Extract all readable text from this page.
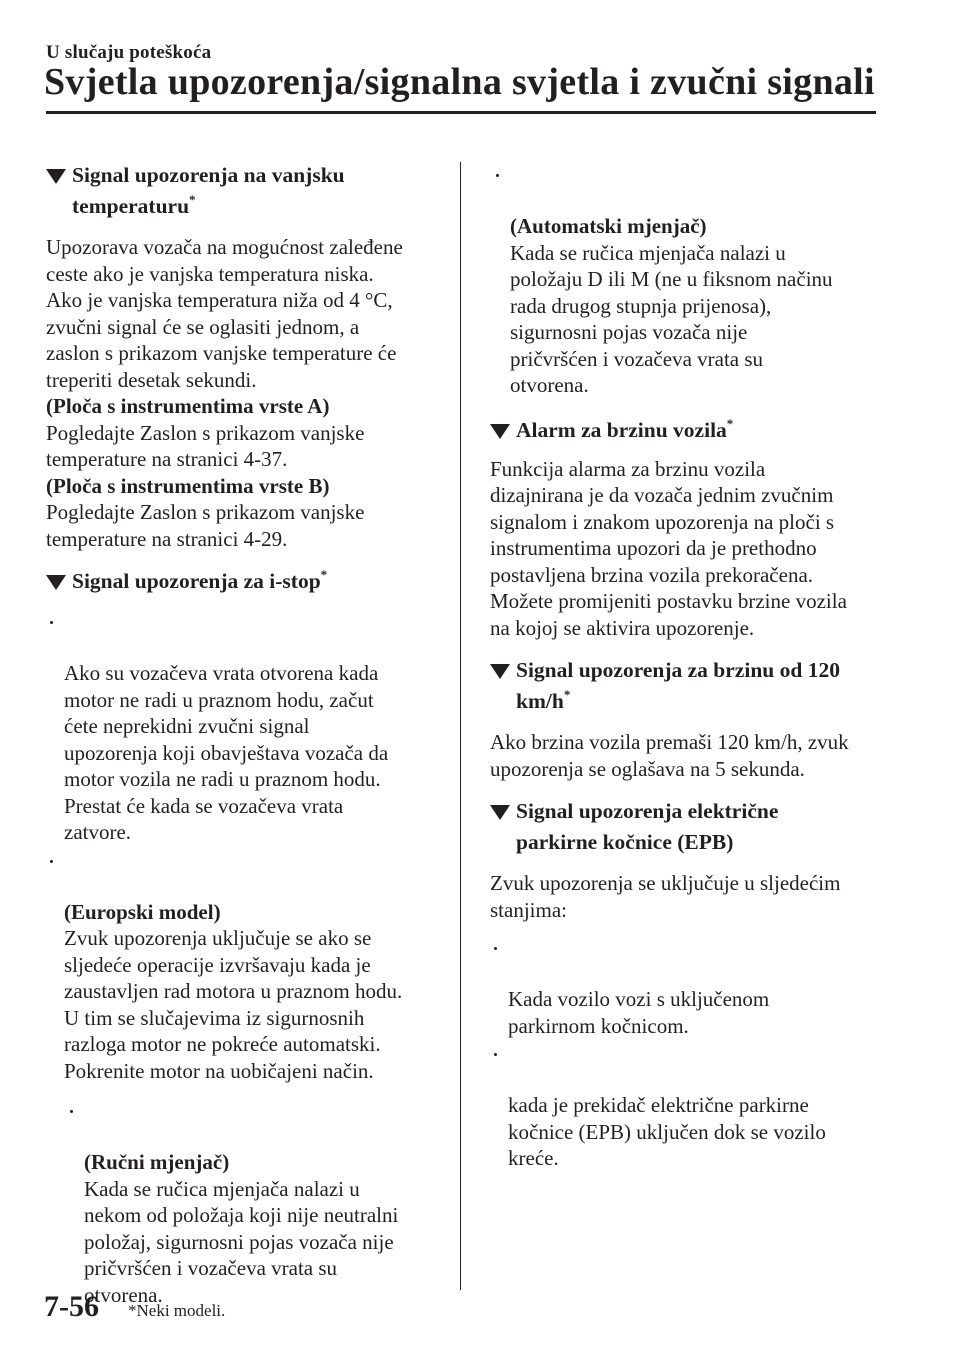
U slučaju poteškoća
Svjetla upozorenja/signalna svjetla i zvučni signali
Signal upozorenja na vanjsku
temperaturu*

Upozorava vozača na mogućnost zaleđene
ceste ako je vanjska temperatura niska.
Ako je vanjska temperatura niža od 4 °C,
zvučni signal će se oglasiti jednom, a
zaslon s prikazom vanjske temperature će
treperiti desetak sekundi.

(Ploča s instrumentima vrste A)
Pogledajte Zaslon s prikazom vanjske
temperature na stranici 4-37.

(Ploča s instrumentima vrste B)
Pogledajte Zaslon s prikazom vanjske
temperature na stranici 4-29.

Signal upozorenja za i-stop*

Ako su vozačeva vrata otvorena kada
motor ne radi u praznom hodu, začut
ćete neprekidni zvučni signal
upozorenja koji obavještava vozača da
motor vozila ne radi u praznom hodu.
Prestat će kada se vozačeva vrata
zatvore.

(Europski model)
Zvuk upozorenja uključuje se ako se
sljedeće operacije izvršavaju kada je
zaustavljen rad motora u praznom hodu.
U tim se slučajevima iz sigurnosnih
razloga motor ne pokreće automatski.
Pokrenite motor na uobičajeni način.

(Ručni mjenjač)
Kada se ručica mjenjača nalazi u
nekom od položaja koji nije neutralni
položaj, sigurnosni pojas vozača nije
pričvršćen i vozačeva vrata su
otvorena.

(Automatski mjenjač)
Kada se ručica mjenjača nalazi u
položaju D ili M (ne u fiksnom načinu
rada drugog stupnja prijenosa),
sigurnosni pojas vozača nije
pričvršćen i vozačeva vrata su
otvorena.

Alarm za brzinu vozila*

Funkcija alarma za brzinu vozila
dizajnirana je da vozača jednim zvučnim
signalom i znakom upozorenja na ploči s
instrumentima upozori da je prethodno
postavljena brzina vozila prekoračena.
Možete promijeniti postavku brzine vozila
na kojoj se aktivira upozorenje.

Signal upozorenja za brzinu od 120
km/h*

Ako brzina vozila premaši 120 km/h, zvuk
upozorenja se oglašava na 5 sekunda.

Signal upozorenja električne
parkirne kočnice (EPB)

Zvuk upozorenja se uključuje u sljedećim
stanjima:

Kada vozilo vozi s uključenom
parkirnom kočnicom.

kada je prekidač električne parkirne
kočnice (EPB) uključen dok se vozilo
kreće.

7-56 *Neki modeli.
